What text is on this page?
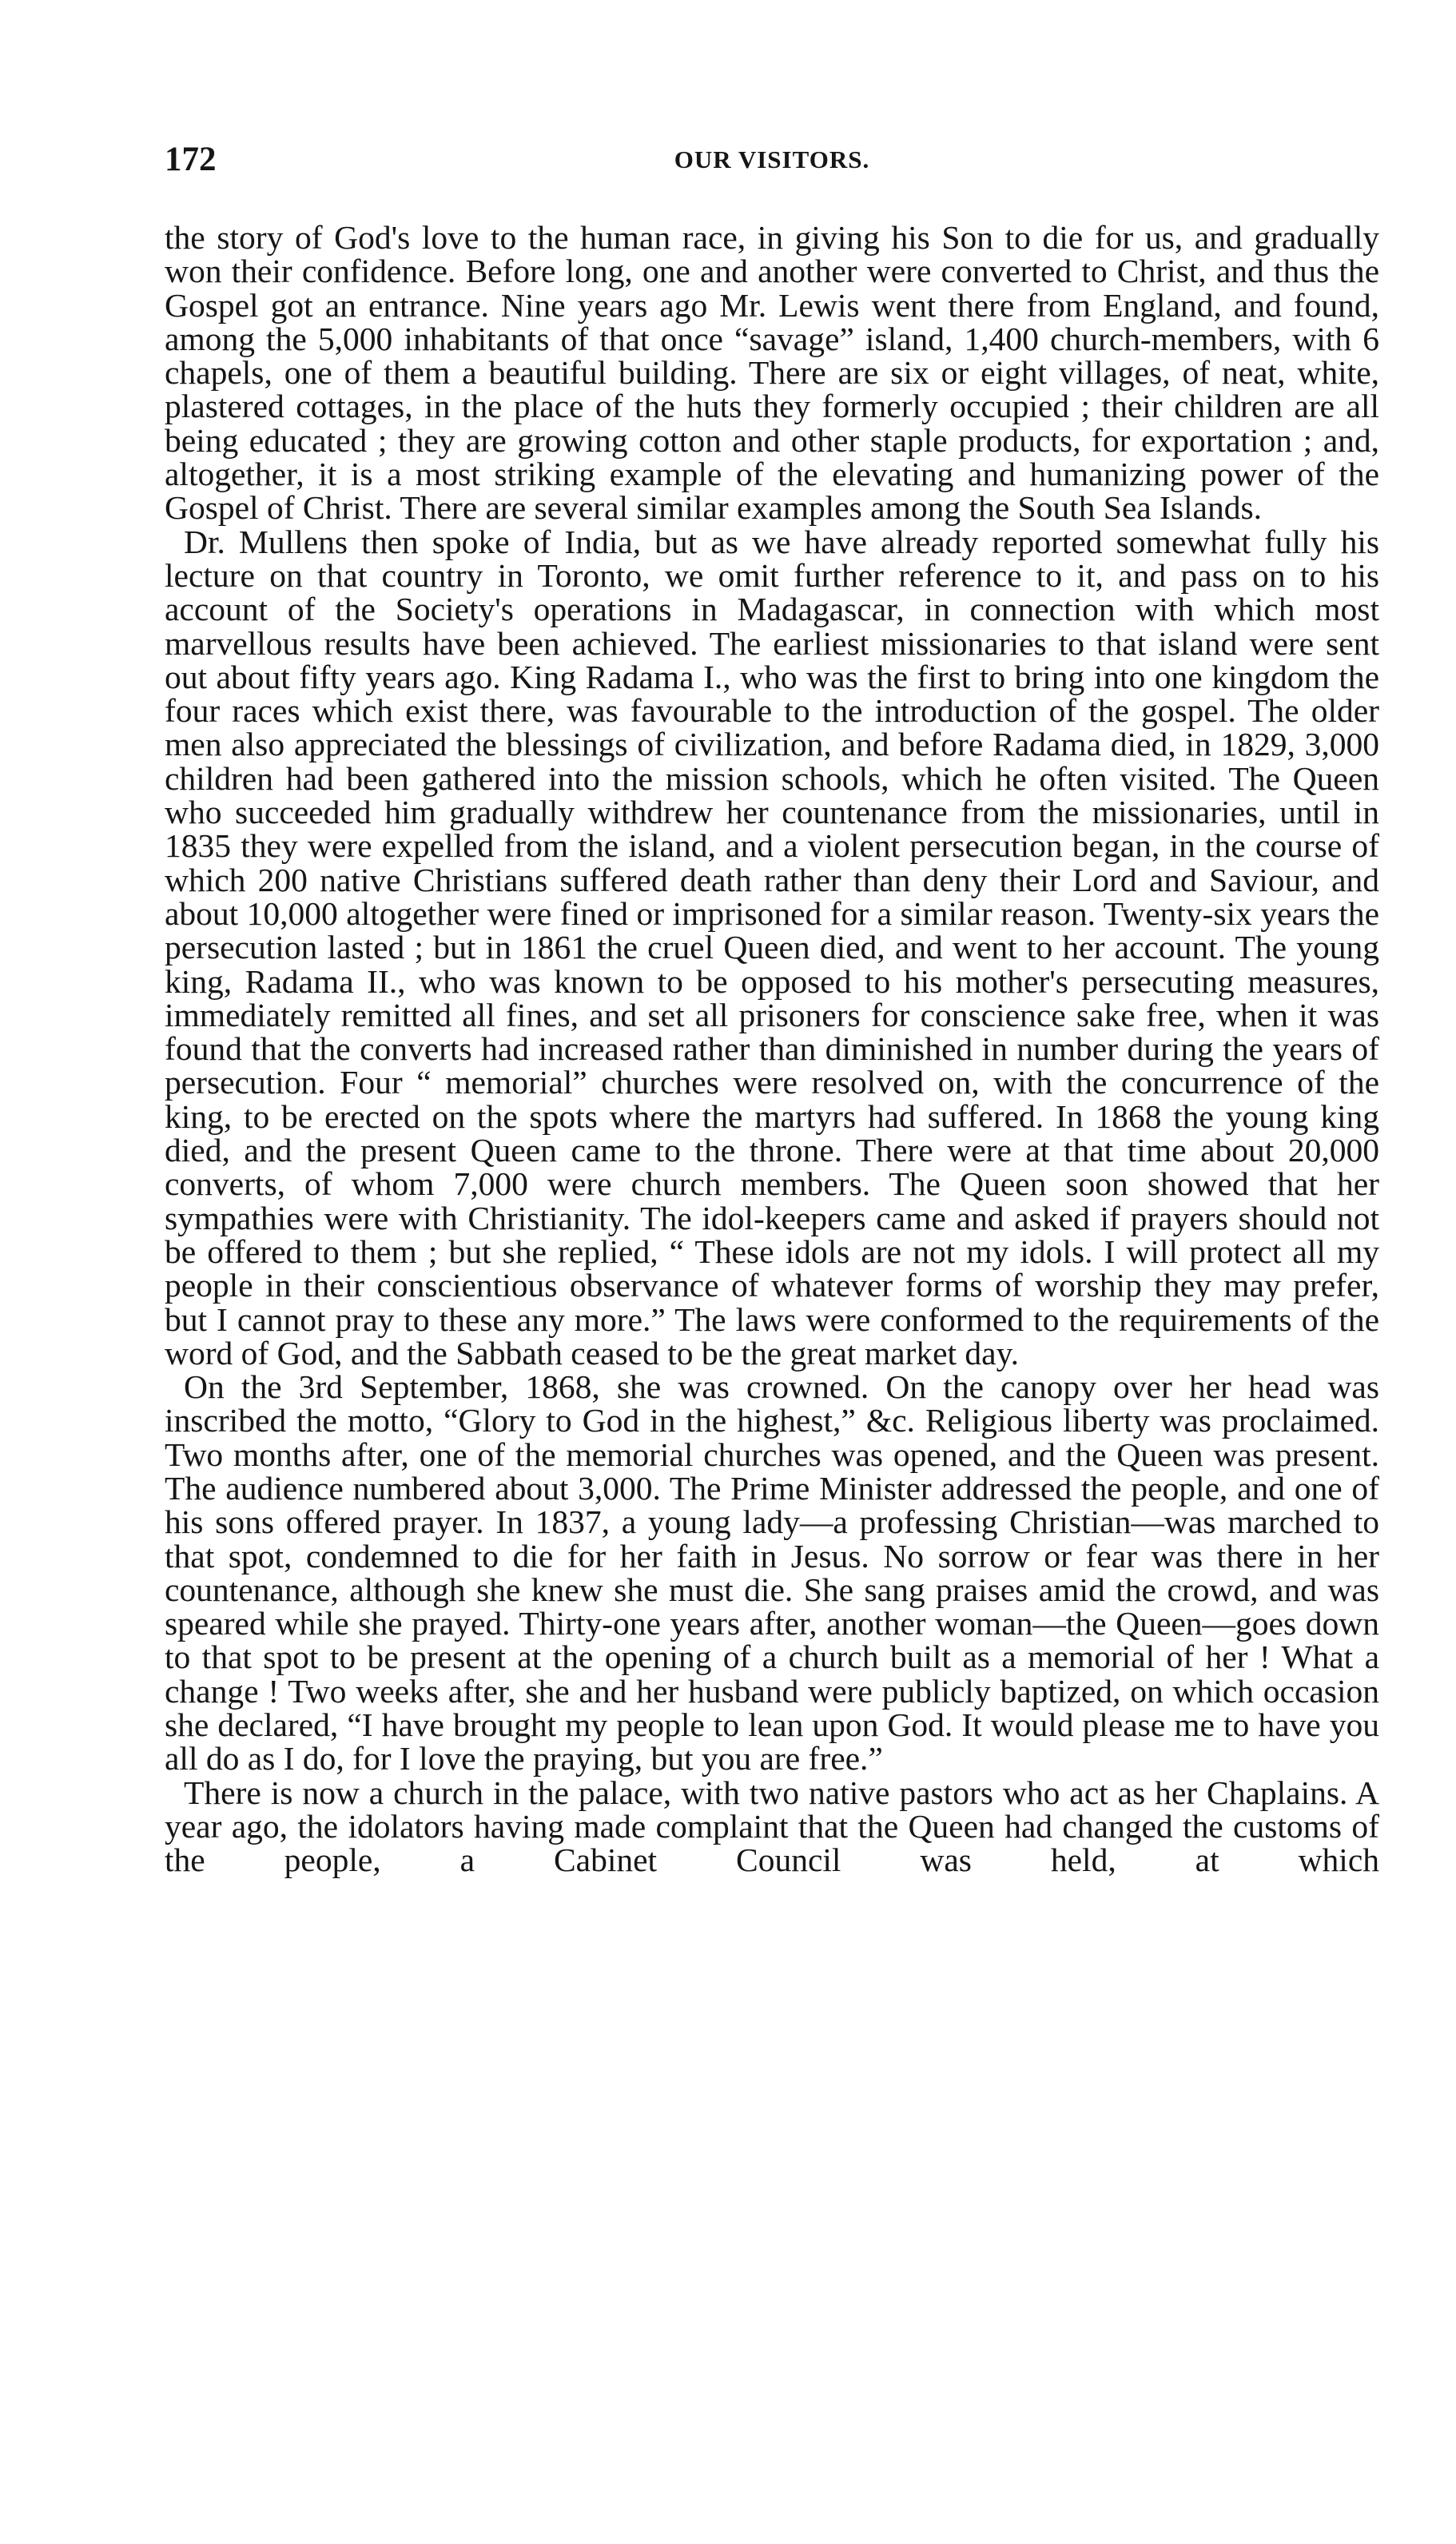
172	OUR VISITORS.

the story of God's love to the human race, in giving his Son to die for us, and gradually won their confidence. Before long, one and another were converted to Christ, and thus the Gospel got an entrance. Nine years ago Mr. Lewis went there from England, and found, among the 5,000 inhabitants of that once “savage” island, 1,400 church-members, with 6 chapels, one of them a beautiful building. There are six or eight villages, of neat, white, plastered cottages, in the place of the huts they formerly occupied ; their children are all being educated ; they are growing cotton and other staple products, for exportation ; and, altogether, it is a most striking example of the elevating and humanizing power of the Gospel of Christ. There are several similar examples among the South Sea Islands.

Dr. Mullens then spoke of India, but as we have already reported somewhat fully his lecture on that country in Toronto, we omit further reference to it, and pass on to his account of the Society's operations in Madagascar, in connection with which most marvellous results have been achieved. The earliest missionaries to that island were sent out about fifty years ago. King Radama I., who was the first to bring into one kingdom the four races which exist there, was favourable to the introduction of the gospel. The older men also appreciated the blessings of civilization, and before Radama died, in 1829, 3,000 children had been gathered into the mission schools, which he often visited. The Queen who succeeded him gradually withdrew her countenance from the missionaries, until in 1835 they were expelled from the island, and a violent persecution began, in the course of which 200 native Christians suffered death rather than deny their Lord and Saviour, and about 10,000 altogether were fined or imprisoned for a similar reason. Twenty-six years the persecution lasted ; but in 1861 the cruel Queen died, and went to her account. The young king, Radama II., who was known to be opposed to his mother's persecuting measures, immediately remitted all fines, and set all prisoners for conscience sake free, when it was found that the converts had increased rather than diminished in number during the years of persecution. Four “ memorial” churches were resolved on, with the concurrence of the king, to be erected on the spots where the martyrs had suffered. In 1868 the young king died, and the present Queen came to the throne. There were at that time about 20,000 converts, of whom 7,000 were church members. The Queen soon showed that her sympathies were with Christianity. The idol-keepers came and asked if prayers should not be offered to them ; but she replied, “ These idols are not my idols. I will protect all my people in their conscientious observance of whatever forms of worship they may prefer, but I cannot pray to these any more.” The laws were conformed to the requirements of the word of God, and the Sabbath ceased to be the great market day.

On the 3rd September, 1868, she was crowned. On the canopy over her head was inscribed the motto, “Glory to God in the highest,” &c. Religious liberty was proclaimed. Two months after, one of the memorial churches was opened, and the Queen was present. The audience numbered about 3,000. The Prime Minister addressed the people, and one of his sons offered prayer. In 1837, a young lady—a professing Christian—was marched to that spot, condemned to die for her faith in Jesus. No sorrow or fear was there in her countenance, although she knew she must die. She sang praises amid the crowd, and was speared while she prayed. Thirty-one years after, another woman—the Queen—goes down to that spot to be present at the opening of a church built as a memorial of her ! What a change ! Two weeks after, she and her husband were publicly baptized, on which occasion she declared, “I have brought my people to lean upon God. It would please me to have you all do as I do, for I love the praying, but you are free.”

There is now a church in the palace, with two native pastors who act as her Chaplains. A year ago, the idolators having made complaint that the Queen had changed the customs of the people, a Cabinet Council was held, at which
